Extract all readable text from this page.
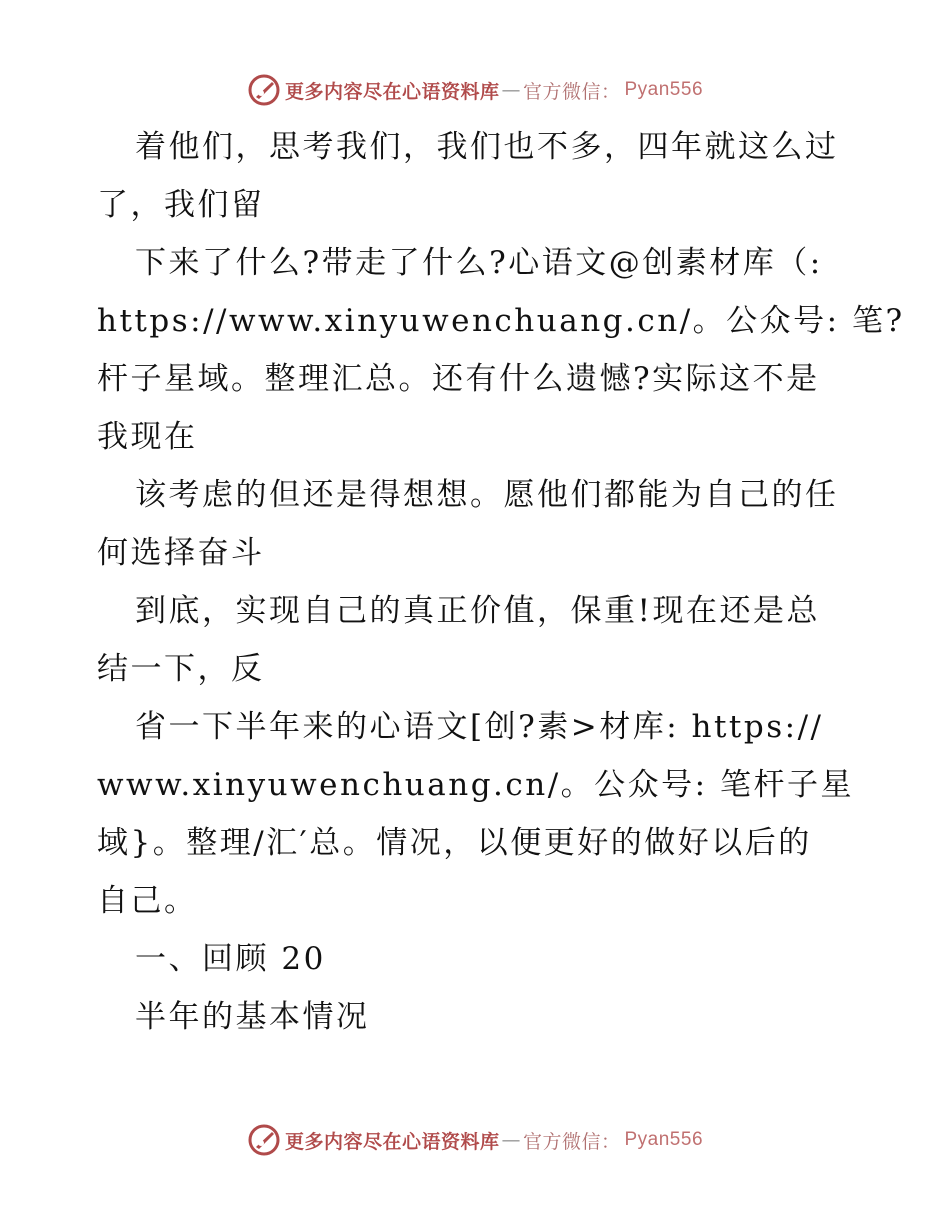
更多内容尽在心语资料库 — 官方微信： Pyan556
着他们，思考我们，我们也不多，四年就这么过
了，我们留
下来了什么?带走了什么?心语文@创素材库（:
https://www.xinyuwenchuang.cn/。公众号: 笔?
杆子星域。整理汇总。还有什么遗憾?实际这不是
我现在
该考虑的但还是得想想。愿他们都能为自己的任
何选择奋斗
到底，实现自己的真正价值，保重!现在还是总
结一下，反
省一下半年来的心语文[创?素>材库: https://
www.xinyuwenchuang.cn/。公众号: 笔杆子星
域}。整理/汇′总。情况，以便更好的做好以后的
自己。
一、回顾 20
半年的基本情况
更多内容尽在心语资料库 — 官方微信： Pyan556
